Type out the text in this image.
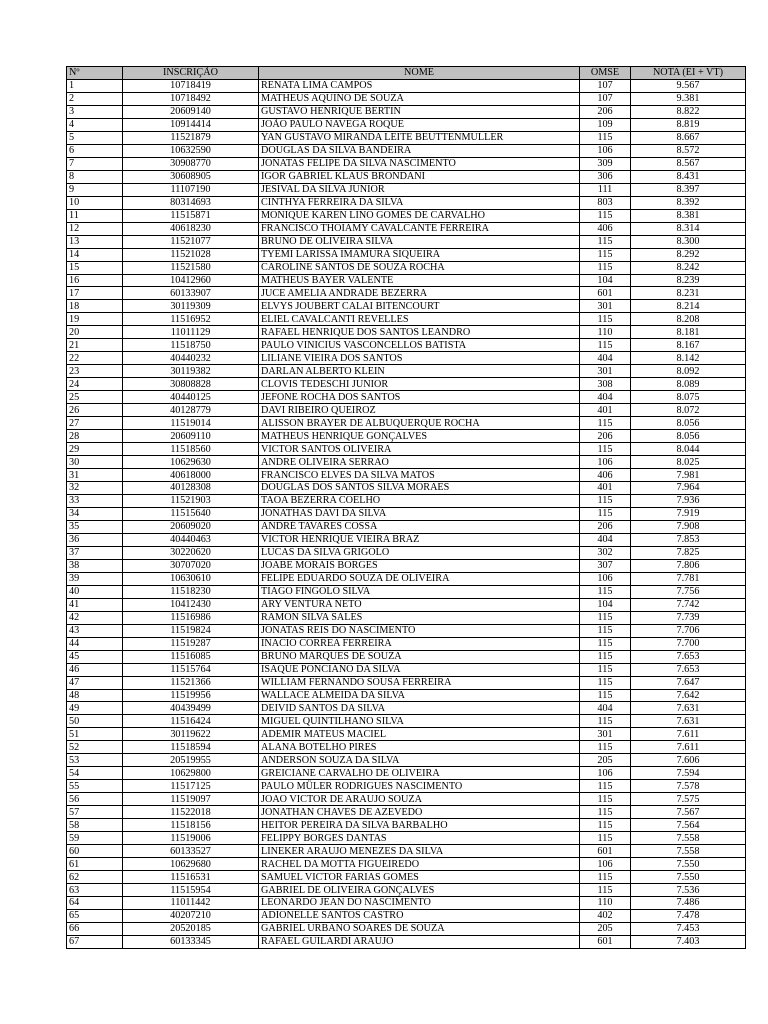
Nº	INSCRIÇÃO	NOME	OMSE	NOTA (EI + VT)
1	10718419	RENATA LIMA CAMPOS	107	9.567
2	10718492	MATHEUS AQUINO DE SOUZA	107	9.381
3	20609140	GUSTAVO HENRIQUE BERTIN	206	8.822
4	10914414	JOÃO PAULO NAVEGA ROQUE	109	8.819
5	11521879	YAN GUSTAVO MIRANDA LEITE BEUTTENMULLER	115	8.667
6	10632590	DOUGLAS DA SILVA BANDEIRA	106	8.572
7	30908770	JONATAS FELIPE DA SILVA NASCIMENTO	309	8.567
8	30608905	IGOR GABRIEL KLAUS BRONDANI	306	8.431
9	11107190	JESIVAL DA SILVA JUNIOR	111	8.397
10	80314693	CINTHYA FERREIRA DA SILVA	803	8.392
11	11515871	MONIQUE KAREN LINO GOMES DE CARVALHO	115	8.381
12	40618230	FRANCISCO THOIAMY CAVALCANTE FERREIRA	406	8.314
13	11521077	BRUNO DE OLIVEIRA SILVA	115	8.300
14	11521028	TYEMI LARISSA IMAMURA SIQUEIRA	115	8.292
15	11521580	CAROLINE SANTOS DE SOUZA ROCHA	115	8.242
16	10412960	MATHEUS BAYER VALENTE	104	8.239
17	60133907	JUCE AMELIA ANDRADE BEZERRA	601	8.231
18	30119309	ELVYS JOUBERT CALAI BITENCOURT	301	8.214
19	11516952	ELIEL CAVALCANTI REVELLES	115	8.208
20	11011129	RAFAEL HENRIQUE DOS SANTOS LEANDRO	110	8.181
21	11518750	PAULO VINICIUS VASCONCELLOS BATISTA	115	8.167
22	40440232	LILIANE VIEIRA DOS SANTOS	404	8.142
23	30119382	DARLAN ALBERTO KLEIN	301	8.092
24	30808828	CLOVIS TEDESCHI JUNIOR	308	8.089
25	40440125	JEFONE ROCHA DOS SANTOS	404	8.075
26	40128779	DAVI RIBEIRO QUEIROZ	401	8.072
27	11519014	ALISSON BRAYER DE ALBUQUERQUE ROCHA	115	8.056
28	20609110	MATHEUS HENRIQUE GONÇALVES	206	8.056
29	11518560	VICTOR SANTOS OLIVEIRA	115	8.044
30	10629630	ANDRE OLIVEIRA SERRAO	106	8.025
31	40618000	FRANCISCO ELVES DA SILVA MATOS	406	7.981
32	40128308	DOUGLAS DOS SANTOS SILVA MORAES	401	7.964
33	11521903	TAOA BEZERRA COELHO	115	7.936
34	11515640	JONATHAS DAVI DA SILVA	115	7.919
35	20609020	ANDRÉ TAVARES COSSA	206	7.908
36	40440463	VICTOR HENRIQUE VIEIRA BRAZ	404	7.853
37	30220620	LUCAS DA SILVA GRIGOLO	302	7.825
38	30707020	JOABE MORAIS BORGES	307	7.806
39	10630610	FELIPE EDUARDO SOUZA DE OLIVEIRA	106	7.781
40	11518230	TIAGO FINGOLO SILVA	115	7.756
41	10412430	ARY VENTURA NETO	104	7.742
42	11516986	RAMON SILVA SALES	115	7.739
43	11519824	JONATAS REIS DO NASCIMENTO	115	7.706
44	11519287	INACIO CORREA FERREIRA	115	7.700
45	11516085	BRUNO MARQUES DE SOUZA	115	7.653
46	11515764	ISAQUE PONCIANO DA SILVA	115	7.653
47	11521366	WILLIAM FERNANDO SOUSA FERREIRA	115	7.647
48	11519956	WALLACE ALMEIDA DA SILVA	115	7.642
49	40439499	DEIVID SANTOS DA SILVA	404	7.631
50	11516424	MIGUEL QUINTILHANO SILVA	115	7.631
51	30119622	ADEMIR MATEUS MACIEL	301	7.611
52	11518594	ALANA BOTELHO PIRES	115	7.611
53	20519955	ANDERSON SOUZA DA SILVA	205	7.606
54	10629800	GREICIANE CARVALHO DE OLIVEIRA	106	7.594
55	11517125	PAULO MÜLER RODRIGUES NASCIMENTO	115	7.578
56	11519097	JOAO VICTOR DE ARAUJO SOUZA	115	7.575
57	11522018	JONATHAN CHAVES DE AZEVEDO	115	7.567
58	11518156	HEITOR PEREIRA DA SILVA BARBALHO	115	7.564
59	11519006	FELIPPY BORGES DANTAS	115	7.558
60	60133527	LINEKER ARAUJO MENEZES DA SILVA	601	7.558
61	10629680	RACHEL DA MOTTA FIGUEIREDO	106	7.550
62	11516531	SAMUEL VICTOR FARIAS GOMES	115	7.550
63	11515954	GABRIEL DE OLIVEIRA GONÇALVES	115	7.536
64	11011442	LEONARDO JEAN DO NASCIMENTO	110	7.486
65	40207210	ADIONELLE SANTOS CASTRO	402	7.478
66	20520185	GABRIEL URBANO SOARES DE SOUZA	205	7.453
67	60133345	RAFAEL GUILARDI ARAUJO	601	7.403
